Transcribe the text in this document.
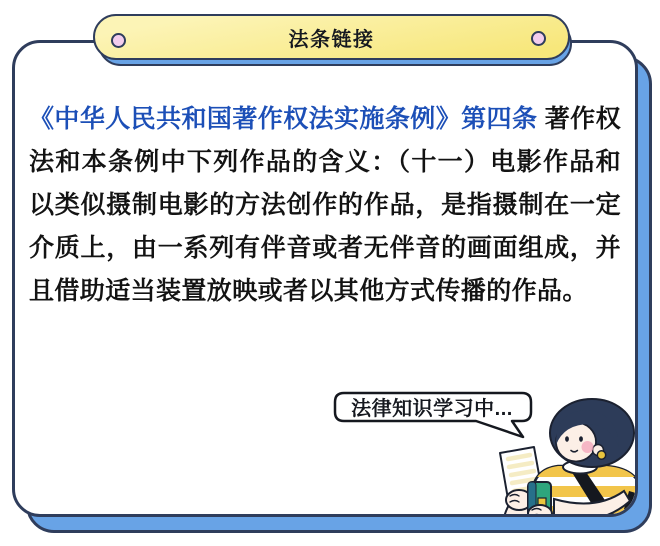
《中华人民共和国著作权法实施条例》第四条 著作权法和本条例中下列作品的含义：（十一）电影作品和以类似摄制电影的方法创作的作品，是指摄制在一定介质上，由一系列有伴音或者无伴音的画面组成，并且借助适当装置放映或者以其他方式传播的作品。

法律知识学习中...
法条链接
